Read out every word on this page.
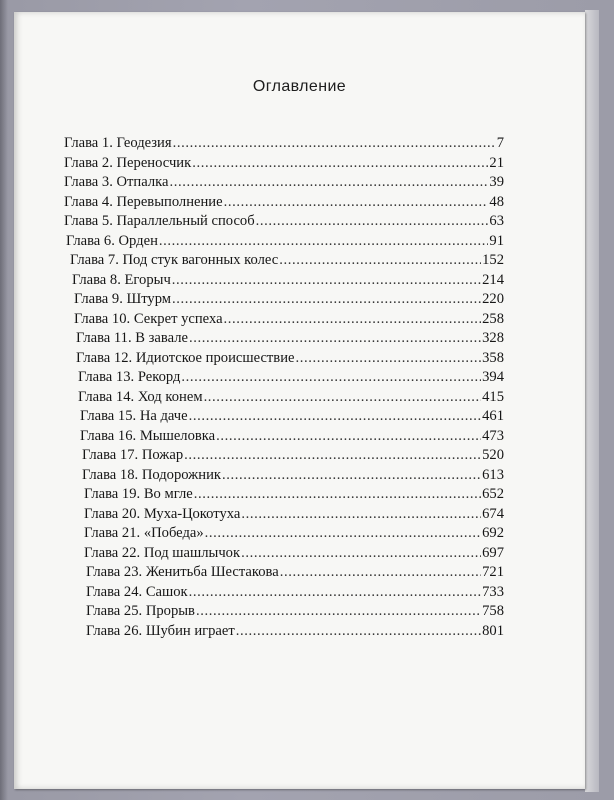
Оглавление
Глава 1. Геодезия .....	7
Глава 2. Переносчик .....	21
Глава 3. Отпалка .....	39
Глава 4. Перевыполнение .....	48
Глава 5. Параллельный способ .....	63
Глава 6. Орден .....	91
Глава 7. Под стук вагонных колес .....	152
Глава 8. Егорыч .....	214
Глава 9. Штурм .....	220
Глава 10. Секрет успеха .....	258
Глава 11. В завале .....	328
Глава 12. Идиотское происшествие .....	358
Глава 13. Рекорд .....	394
Глава 14. Ход конем .....	415
Глава 15. На даче .....	461
Глава 16. Мышеловка .....	473
Глава 17. Пожар .....	520
Глава 18. Подорожник .....	613
Глава 19. Во мгле .....	652
Глава 20. Муха-Цокотуха .....	674
Глава 21. «Победа» .....	692
Глава 22. Под шашлычок .....	697
Глава 23. Женитьба Шестакова .....	721
Глава 24. Сашок .....	733
Глава 25. Прорыв .....	758
Глава 26. Шубин играет .....	801
